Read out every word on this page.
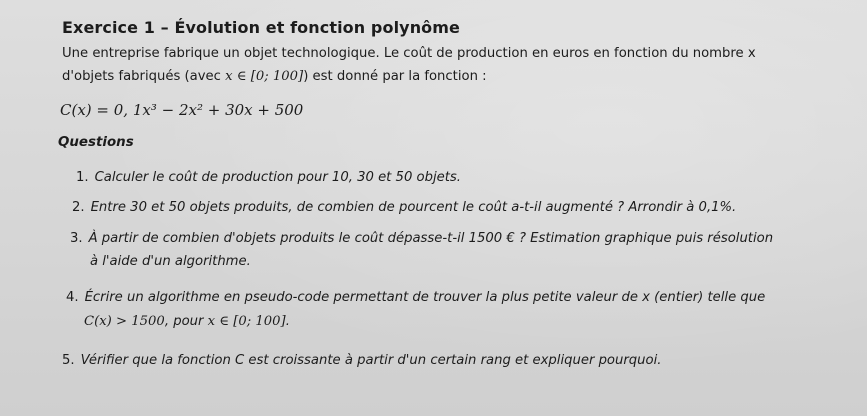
Exercice 1 – Évolution et fonction polynôme
Une entreprise fabrique un objet technologique. Le coût de production en euros en fonction du nombre x
d'objets fabriqués (avec x ∈ [0; 100]) est donné par la fonction :
C(x) = 0, 1x³ − 2x² + 30x + 500
Questions
1. Calculer le coût de production pour 10, 30 et 50 objets.
2. Entre 30 et 50 objets produits, de combien de pourcent le coût a-t-il augmenté ? Arrondir à 0,1%.
3. À partir de combien d'objets produits le coût dépasse-t-il 1500 € ? Estimation graphique puis résolution
à l'aide d'un algorithme.
4. Écrire un algorithme en pseudo-code permettant de trouver la plus petite valeur de x (entier) telle que
C(x) > 1500, pour x ∈ [0; 100].
5. Vérifier que la fonction C est croissante à partir d'un certain rang et expliquer pourquoi.
